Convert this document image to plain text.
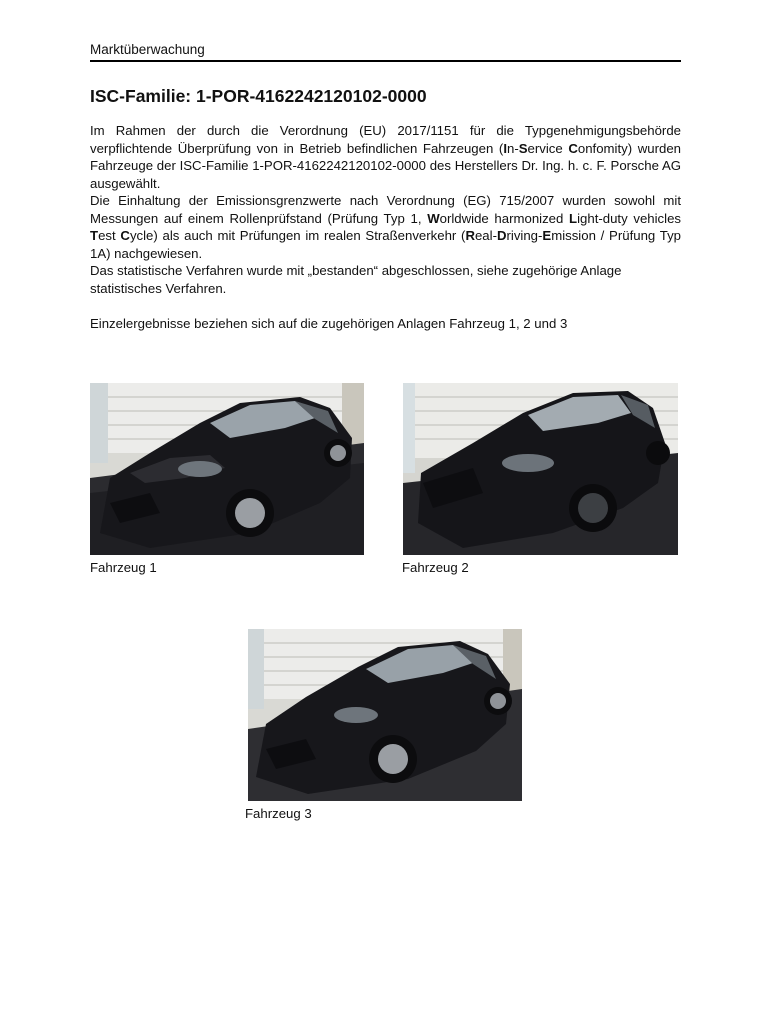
Marktüberwachung
ISC-Familie: 1-POR-4162242120102-0000

Im Rahmen der durch die Verordnung (EU) 2017/1151 für die Typgenehmigungsbehörde verpflichtende Überprüfung von in Betrieb befindlichen Fahrzeugen (In-Service Confomity) wurden Fahrzeuge der ISC-Familie 1-POR-4162242120102-0000 des Herstellers Dr. Ing. h. c. F. Porsche AG ausgewählt.

Die Einhaltung der Emissionsgrenzwerte nach Verordnung (EG) 715/2007 wurden sowohl mit Messungen auf einem Rollenprüfstand (Prüfung Typ 1, Worldwide harmonized Light-duty vehicles Test Cycle) als auch mit Prüfungen im realen Straßenverkehr (Real-Driving-Emission / Prüfung Typ 1A) nachgewiesen.

Das statistische Verfahren wurde mit „bestanden“ abgeschlossen, siehe zugehörige Anlage statistisches Verfahren.

Einzelergebnisse beziehen sich auf die zugehörigen Anlagen Fahrzeug 1, 2 und 3

Fahrzeug 1	Fahrzeug 2
Fahrzeug 3
